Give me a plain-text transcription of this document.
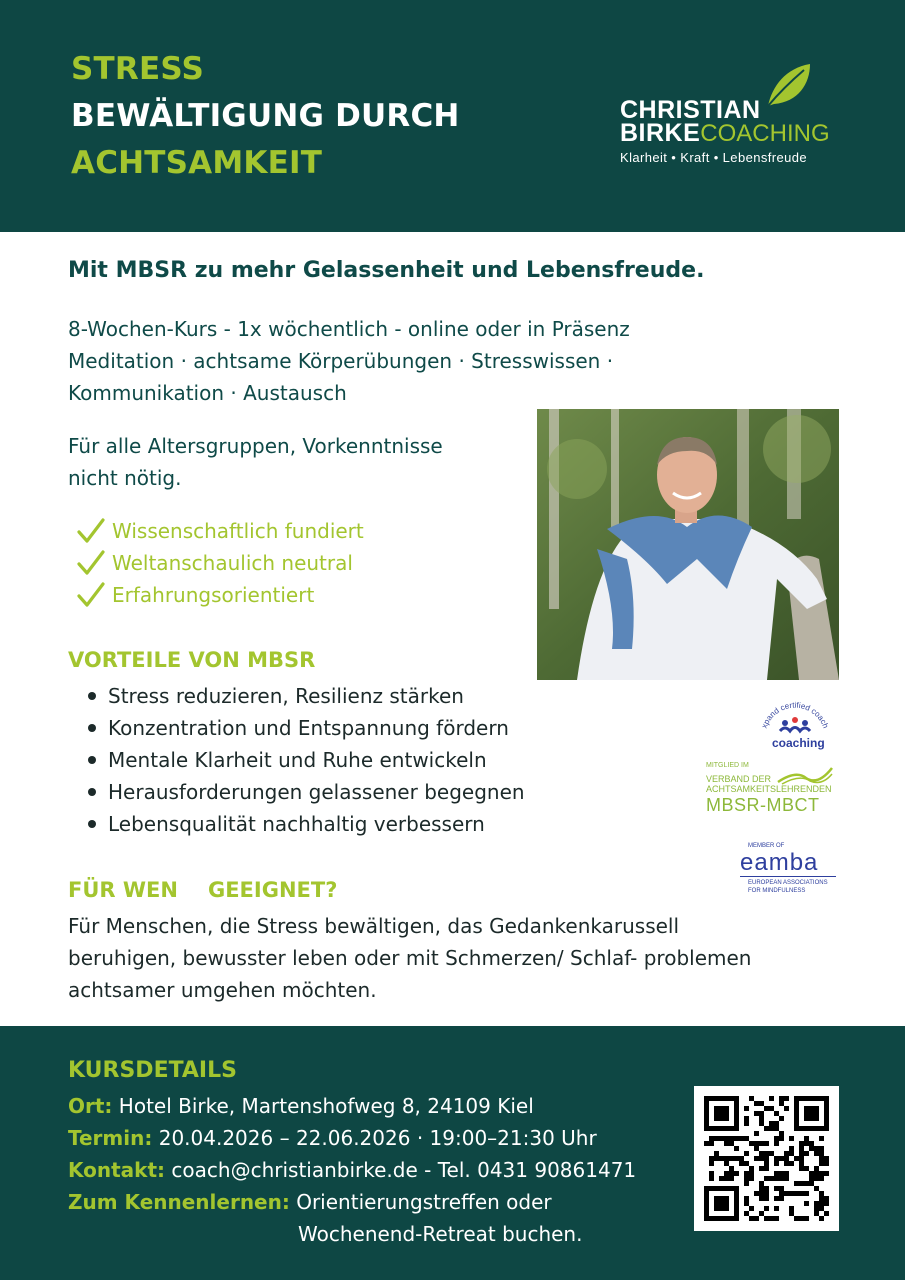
STRESS
BEWÄLTIGUNG DURCH
ACHTSAMKEIT
CHRISTIAN
BIRKECOACHING
Klarheit • Kraft • Lebensfreude
Mit MBSR zu mehr Gelassenheit und Lebensfreude.
8-Wochen-Kurs - 1x wöchentlich - online oder in Präsenz
Meditation · achtsame Körperübungen · Stresswissen ·
Kommunikation · Austausch
Für alle Altersgruppen, Vorkenntnisse
nicht nötig.
Wissenschaftlich fundiert
Weltanschaulich neutral
Erfahrungsorientiert
VORTEILE VON MBSR
Stress reduzieren, Resilienz stärken
Konzentration und Entspannung fördern
Mentale Klarheit und Ruhe entwickeln
Herausforderungen gelassener begegnen
Lebensqualität nachhaltig verbessern
xpand certified coach
coaching
MITGLIED IM
VERBAND DER
ACHTSAMKEITSLEHRENDEN
MBSR-MBCT
MEMBER OF
eamba
EUROPEAN ASSOCIATIONS
FOR MINDFULNESS
FÜR WEN GEEIGNET?
Für Menschen, die Stress bewältigen, das Gedankenkarussell
beruhigen, bewusster leben oder mit Schmerzen/ Schlaf- problemen
achtsamer umgehen möchten.
KURSDETAILS
Ort: Hotel Birke, Martenshofweg 8, 24109 Kiel
Termin: 20.04.2026 – 22.06.2026 · 19:00–21:30 Uhr
Kontakt: coach@christianbirke.de - Tel. 0431 90861471
Zum Kennenlernen: Orientierungstreffen oder
Wochenend-Retreat buchen.
